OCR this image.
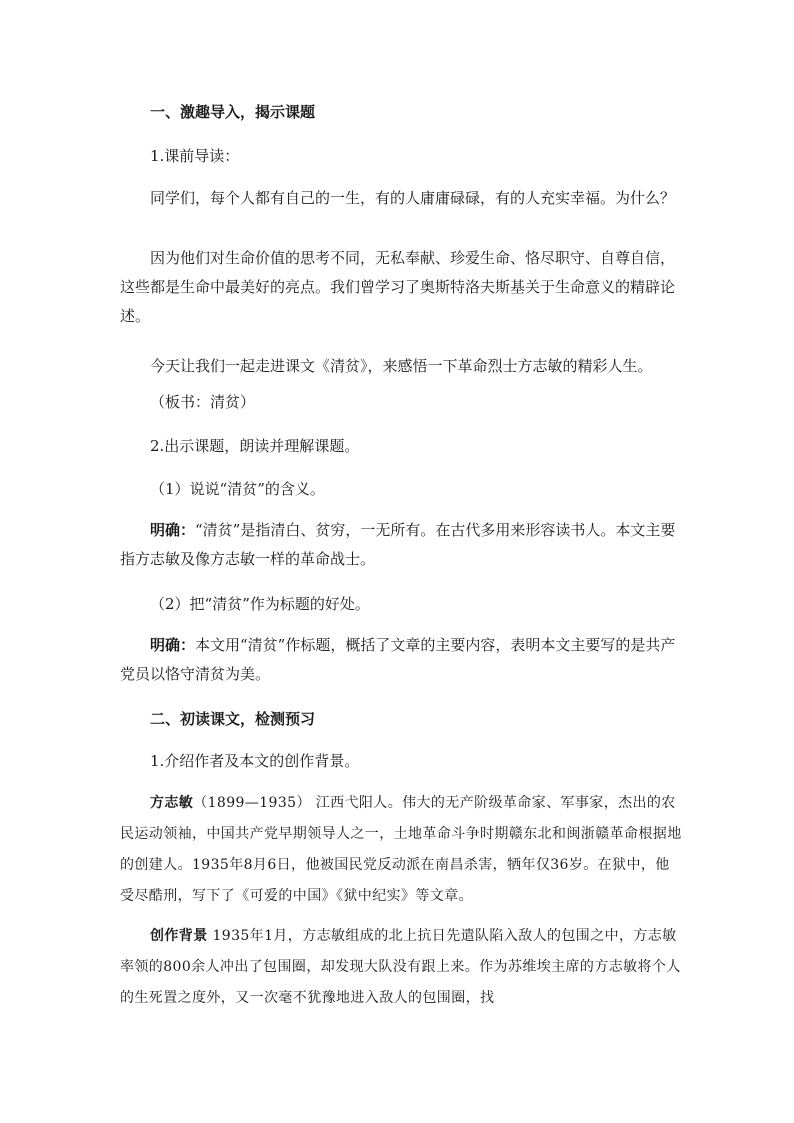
一、激趣导入，揭示课题

1.课前导读：

同学们，每个人都有自己的一生，有的人庸庸碌碌，有的人充实幸福。为什么？

因为他们对生命价值的思考不同，无私奉献、珍爱生命、恪尽职守、自尊自信，这些都是生命中最美好的亮点。我们曾学习了奥斯特洛夫斯基关于生命意义的精辟论述。

今天让我们一起走进课文《清贫》，来感悟一下革命烈士方志敏的精彩人生。

（板书：清贫）

2.出示课题，朗读并理解课题。

（1）说说“清贫”的含义。

明确：“清贫”是指清白、贫穷，一无所有。在古代多用来形容读书人。本文主要指方志敏及像方志敏一样的革命战士。

（2）把“清贫”作为标题的好处。

明确：本文用“清贫”作标题，概括了文章的主要内容，表明本文主要写的是共产党员以恪守清贫为美。

二、初读课文，检测预习

1.介绍作者及本文的创作背景。

方志敏（1899—1935） 江西弋阳人。伟大的无产阶级革命家、军事家，杰出的农民运动领袖，中国共产党早期领导人之一，土地革命斗争时期赣东北和闽浙赣革命根据地的创建人。1935年8月6日，他被国民党反动派在南昌杀害，牺年仅36岁。在狱中，他受尽酷刑，写下了《可爱的中国》《狱中纪实》等文章。

创作背景 1935年1月，方志敏组成的北上抗日先遣队陷入敌人的包围之中，方志敏率领的800余人冲出了包围圈，却发现大队没有跟上来。作为苏维埃主席的方志敏将个人的生死置之度外，又一次毫不犹豫地进入敌人的包围圈，找
